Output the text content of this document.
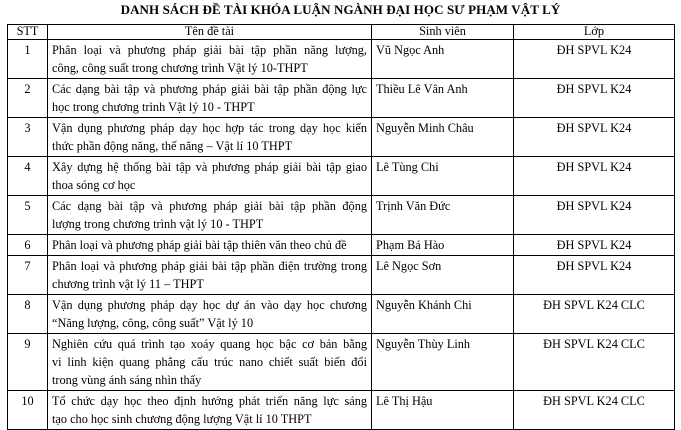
DANH SÁCH ĐỀ TÀI KHÓA LUẬN NGÀNH ĐẠI HỌC SƯ PHẠM VẬT LÝ
STT	Tên đề tài	Sinh viên	Lớp
1	Phân loại và phương pháp giải bài tập phần năng lượng,
công, công suất trong chương trình Vật lý 10-THPT	Vũ Ngọc Anh	ĐH SPVL K24
2	Các dạng bài tập và phương pháp giải bài tập phần động lực
học trong chương trình Vật lý 10 - THPT	Thiều Lê Vân Anh	ĐH SPVL K24
3	Vận dụng phương pháp dạy học hợp tác trong dạy học kiến
thức phần động năng, thế năng – Vật lí 10 THPT	Nguyễn Minh Châu	ĐH SPVL K24
4	Xây dựng hệ thống bài tập và phương pháp giải bài tập giao
thoa sóng cơ học	Lê Tùng Chi	ĐH SPVL K24
5	Các dạng bài tập và phương pháp giải bài tập phần động
lượng trong chương trình vật lý 10 - THPT	Trịnh Văn Đức	ĐH SPVL K24
6	Phân loại và phương pháp giải bài tập thiên văn theo chủ đề	Phạm Bá Hào	ĐH SPVL K24
7	Phân loại và phương pháp giải bài tập phần điện trường trong
chương trình vật lý 11 – THPT	Lê Ngọc Sơn	ĐH SPVL K24
8	Vận dụng phương pháp dạy học dự án vào dạy học chương
“Năng lượng, công, công suất” Vật lý 10	Nguyễn Khánh Chi	ĐH SPVL K24 CLC
9	Nghiên cứu quá trình tạo xoáy quang học bậc cơ bản bằng
vi linh kiện quang phẳng cấu trúc nano chiết suất biến đổi
trong vùng ánh sáng nhìn thấy	Nguyễn Thùy Linh	ĐH SPVL K24 CLC
10	Tổ chức dạy học theo định hướng phát triển năng lực sáng
tạo cho học sinh chương động lượng Vật lí 10 THPT	Lê Thị Hậu	ĐH SPVL K24 CLC
